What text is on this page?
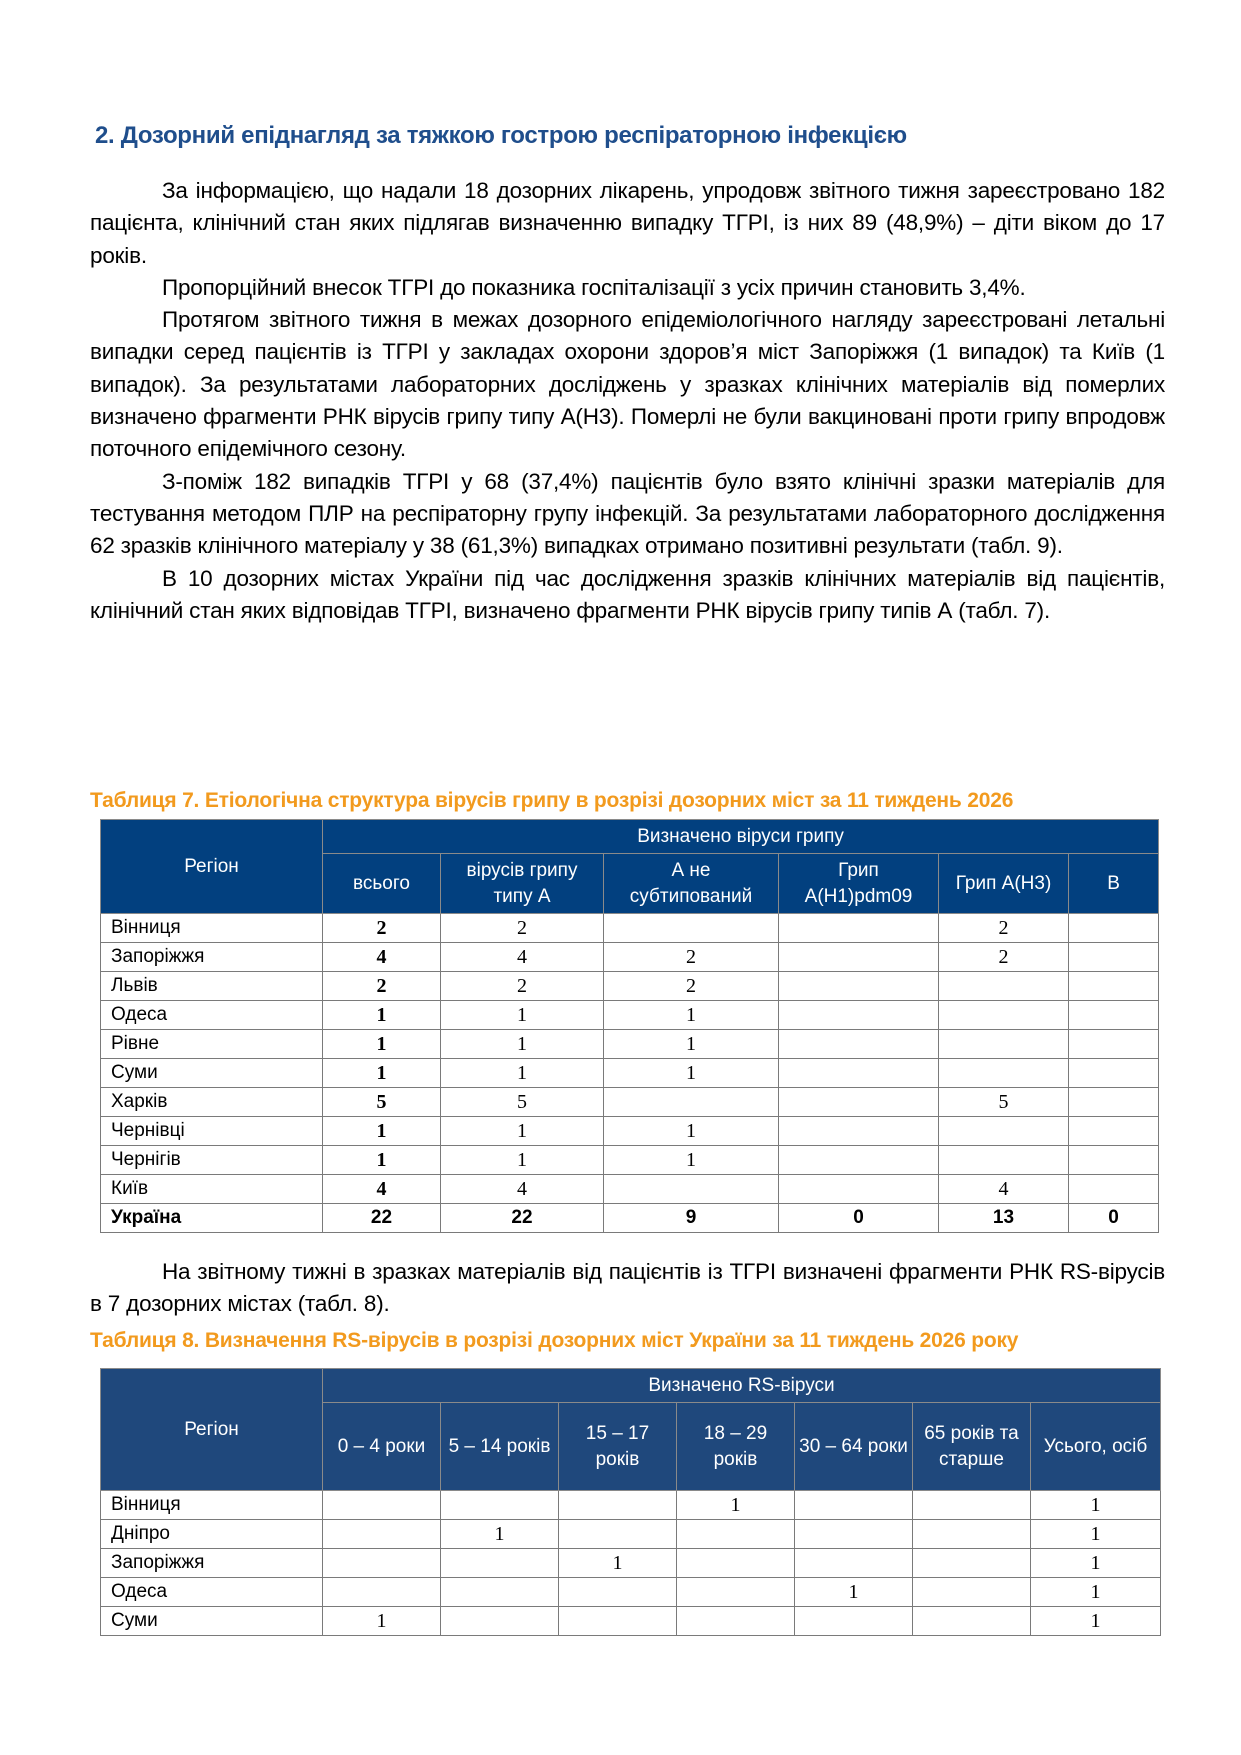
2. Дозорний епіднагляд за тяжкою гострою респіраторною інфекцією

За інформацією, що надали 18 дозорних лікарень, упродовж звітного тижня зареєстровано 182 пацієнта, клінічний стан яких підлягав визначенню випадку ТГРІ, із них 89 (48,9%) – діти віком до 17 років.

Пропорційний внесок ТГРІ до показника госпіталізації з усіх причин становить 3,4%.

Протягом звітного тижня в межах дозорного епідеміологічного нагляду зареєстровані летальні випадки серед пацієнтів із ТГРІ у закладах охорони здоров’я міст Запоріжжя (1 випадок) та Київ (1 випадок). За результатами лабораторних досліджень у зразках клінічних матеріалів від померлих визначено фрагменти РНК вірусів грипу типу А(Н3). Померлі не були вакциновані проти грипу впродовж поточного епідемічного сезону.

З-поміж 182 випадків ТГРІ у 68 (37,4%) пацієнтів було взято клінічні зразки матеріалів для тестування методом ПЛР на респіраторну групу інфекцій. За результатами лабораторного дослідження 62 зразків клінічного матеріалу у 38 (61,3%) випадках отримано позитивні результати (табл. 9).

В 10 дозорних містах України під час дослідження зразків клінічних матеріалів від пацієнтів, клінічний стан яких відповідав ТГРІ, визначено фрагменти РНК вірусів грипу типів А (табл. 7).

Таблиця 7. Етіологічна структура вірусів грипу в розрізі дозорних міст за 11 тиждень 2026
Регіон	Визначено віруси грипу					
	всього	вірусів грипу типу А	А не субтипований	Грип А(Н1)pdm09	Грип А(Н3)	В
Вінниця	2	2			2	
Запоріжжя	4	4	2		2	
Львів	2	2	2			
Одеса	1	1	1			
Рівне	1	1	1			
Суми	1	1	1			
Харків	5	5			5	
Чернівці	1	1	1			
Чернігів	1	1	1			
Київ	4	4			4	
Україна	22	22	9	0	13	0

На звітному тижні в зразках матеріалів від пацієнтів із ТГРІ визначені фрагменти РНК RS-вірусів в 7 дозорних містах (табл. 8).

Таблиця 8. Визначення RS-вірусів в розрізі дозорних міст України за 11 тиждень 2026 року
Регіон	Визначено RS-віруси						
	0 – 4 роки	5 – 14 років	15 – 17 років	18 – 29 років	30 – 64 роки	65 років та старше	Усього, осіб
Вінниця				1			1
Дніпро		1					1
Запоріжжя			1				1
Одеса					1		1
Суми	1						1
